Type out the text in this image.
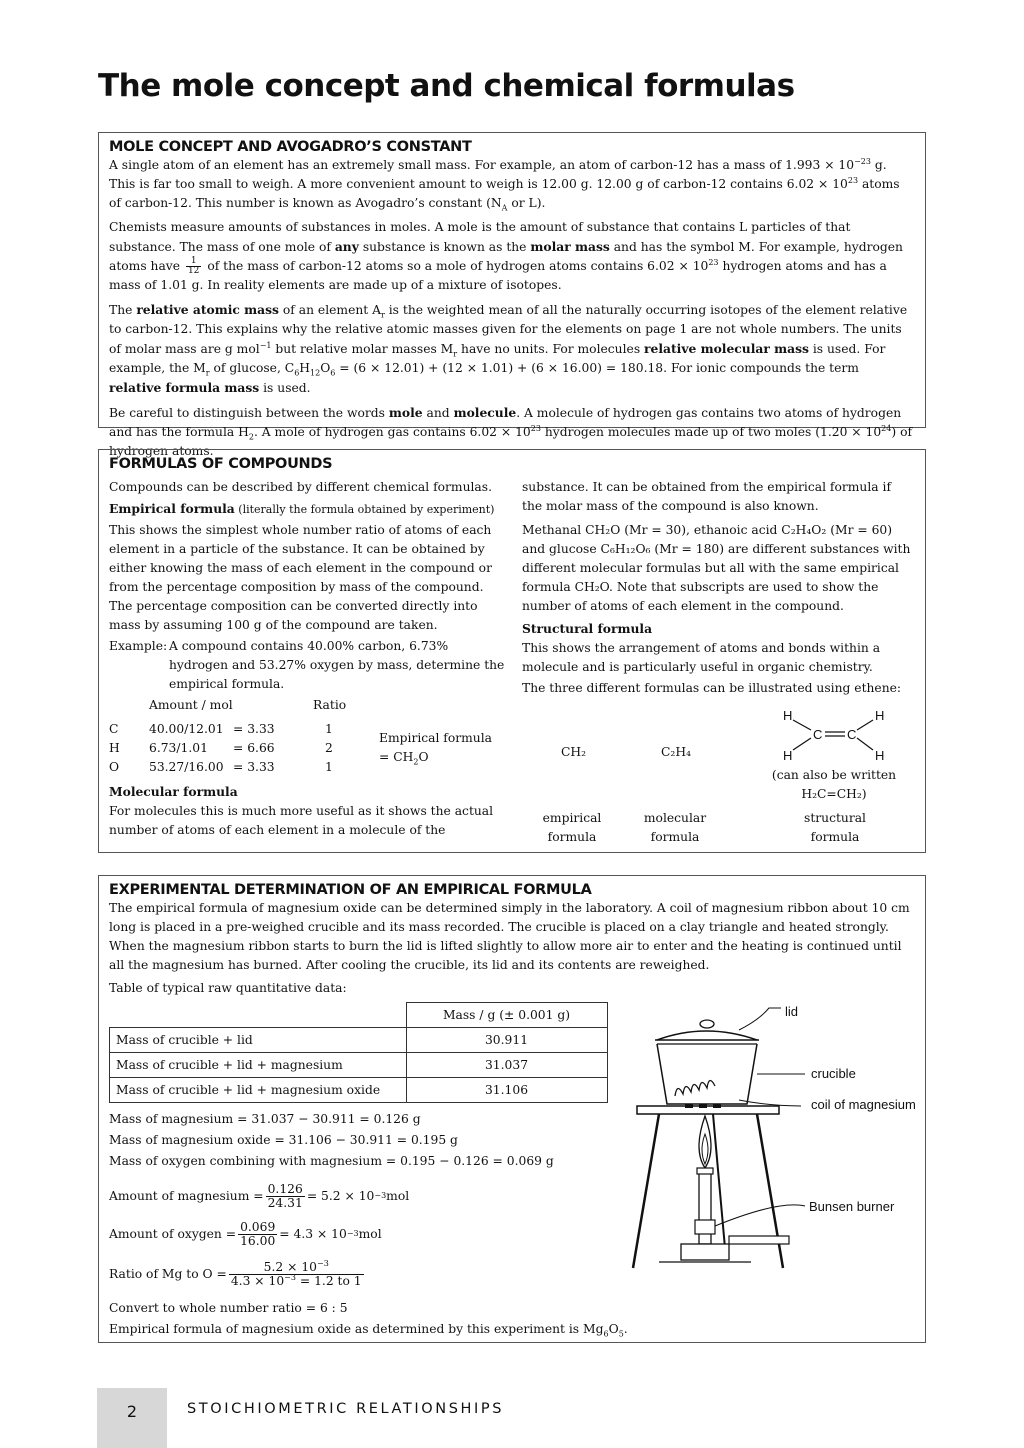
The mole concept and chemical formulas
MOLE CONCEPT AND AVOGADRO’S CONSTANT

A single atom of an element has an extremely small mass. For example, an atom of carbon-12 has a mass of $1.993 \times 10^{-23}$ g. This is far too small to weigh. A more convenient amount to weigh is 12.00 g. 12.00 g of carbon-12 contains $6.02 \times 10^{23}$ atoms of carbon-12. This number is known as Avogadro’s constant ($N_A$ or L).

Chemists measure amounts of substances in moles. A mole is the amount of substance that contains L particles of that substance. The mass of one mole of any substance is known as the molar mass and has the symbol M. For example, hydrogen atoms have $\frac{1}{12}$ of the mass of carbon-12 atoms so a mole of hydrogen atoms contains $6.02 \times 10^{23}$ hydrogen atoms and has a mass of 1.01 g. In reality elements are made up of a mixture of isotopes.

The relative atomic mass of an element $A_r$ is the weighted mean of all the naturally occurring isotopes of the element relative to carbon-12. This explains why the relative atomic masses given for the elements on page 1 are not whole numbers. The units of molar mass are g mol$^{-1}$ but relative molar masses $M_r$ have no units. For molecules relative molecular mass is used. For example, the $M_r$ of glucose, $C_6H_{12}O_6 = (6 \times 12.01) + (12 \times 1.01) + (6 \times 16.00) = 180.18$. For ionic compounds the term relative formula mass is used.

Be careful to distinguish between the words mole and molecule. A molecule of hydrogen gas contains two atoms of hydrogen and has the formula $H_2$. A mole of hydrogen gas contains $6.02 \times 10^{23}$ hydrogen molecules made up of two moles $(1.20 \times 10^{24})$ of hydrogen atoms.

FORMULAS OF COMPOUNDS

Compounds can be described by different chemical formulas.

Empirical formula (literally the formula obtained by experiment)

This shows the simplest whole number ratio of atoms of each element in a particle of the substance. It can be obtained by either knowing the mass of each element in the compound or from the percentage composition by mass of the compound. The percentage composition can be converted directly into mass by assuming 100 g of the compound are taken.

Example: A compound contains 40.00% carbon, 6.73% hydrogen and 53.27% oxygen by mass, determine the empirical formula.
Amount / mol	Ratio
C 40.00/12.01 = 3.33	1
H 6.73/1.01 = 6.66	2
O 53.27/16.00 = 3.33	1
Empirical formula
= $CH_2O$

Molecular formula

For molecules this is much more useful as it shows the actual number of atoms of each element in a molecule of the

substance. It can be obtained from the empirical formula if the molar mass of the compound is also known.

Methanal CH₂O (Mr = 30), ethanoic acid C₂H₄O₂ (Mr = 60) and glucose C₆H₁₂O₆ (Mr = 180) are different substances with different molecular formulas but all with the same empirical formula CH₂O. Note that subscripts are used to show the number of atoms of each element in the compound.

Structural formula

This shows the arrangement of atoms and bonds within a molecule and is particularly useful in organic chemistry.

The three different formulas can be illustrated using ethene:

CH₂	C₂H₄
H	H
C C
H	H
(can also be written
H₂C=CH₂)
empirical
formula
molecular
formula
structural
formula
EXPERIMENTAL DETERMINATION OF AN EMPIRICAL FORMULA

The empirical formula of magnesium oxide can be determined simply in the laboratory. A coil of magnesium ribbon about 10 cm long is placed in a pre-weighed crucible and its mass recorded. The crucible is placed on a clay triangle and heated strongly. When the magnesium ribbon starts to burn the lid is lifted slightly to allow more air to enter and the heating is continued until all the magnesium has burned. After cooling the crucible, its lid and its contents are reweighed.

Table of typical raw quantitative data:

	Mass / g (± 0.001 g)
Mass of crucible + lid	30.911
Mass of crucible + lid + magnesium	31.037
Mass of crucible + lid + magnesium oxide	31.106
Mass of magnesium = 31.037 − 30.911 = 0.126 g
Mass of magnesium oxide = 31.106 − 30.911 = 0.195 g
Mass of oxygen combining with magnesium = 0.195 − 0.126 = 0.069 g
Amount of magnesium = $\frac{0.126}{24.31} = 5.2 \times 10 -3$ mol
Amount of oxygen = $\frac{0.069}{16.00} = 4.3 \times 10 -3$ mol
Ratio of Mg to $O = \frac{5.2 \times 10^{-3}}{4.3 \times 10^{-3} = 1.2 to 1}$
Convert to whole number ratio = 6 : 5
Empirical formula of magnesium oxide as determined by this experiment is $Mg_6O_5$.
lid
crucible
coil of magnesium
Bunsen burner
2	STOICHIOMETRIC RELATIONSHIPS
